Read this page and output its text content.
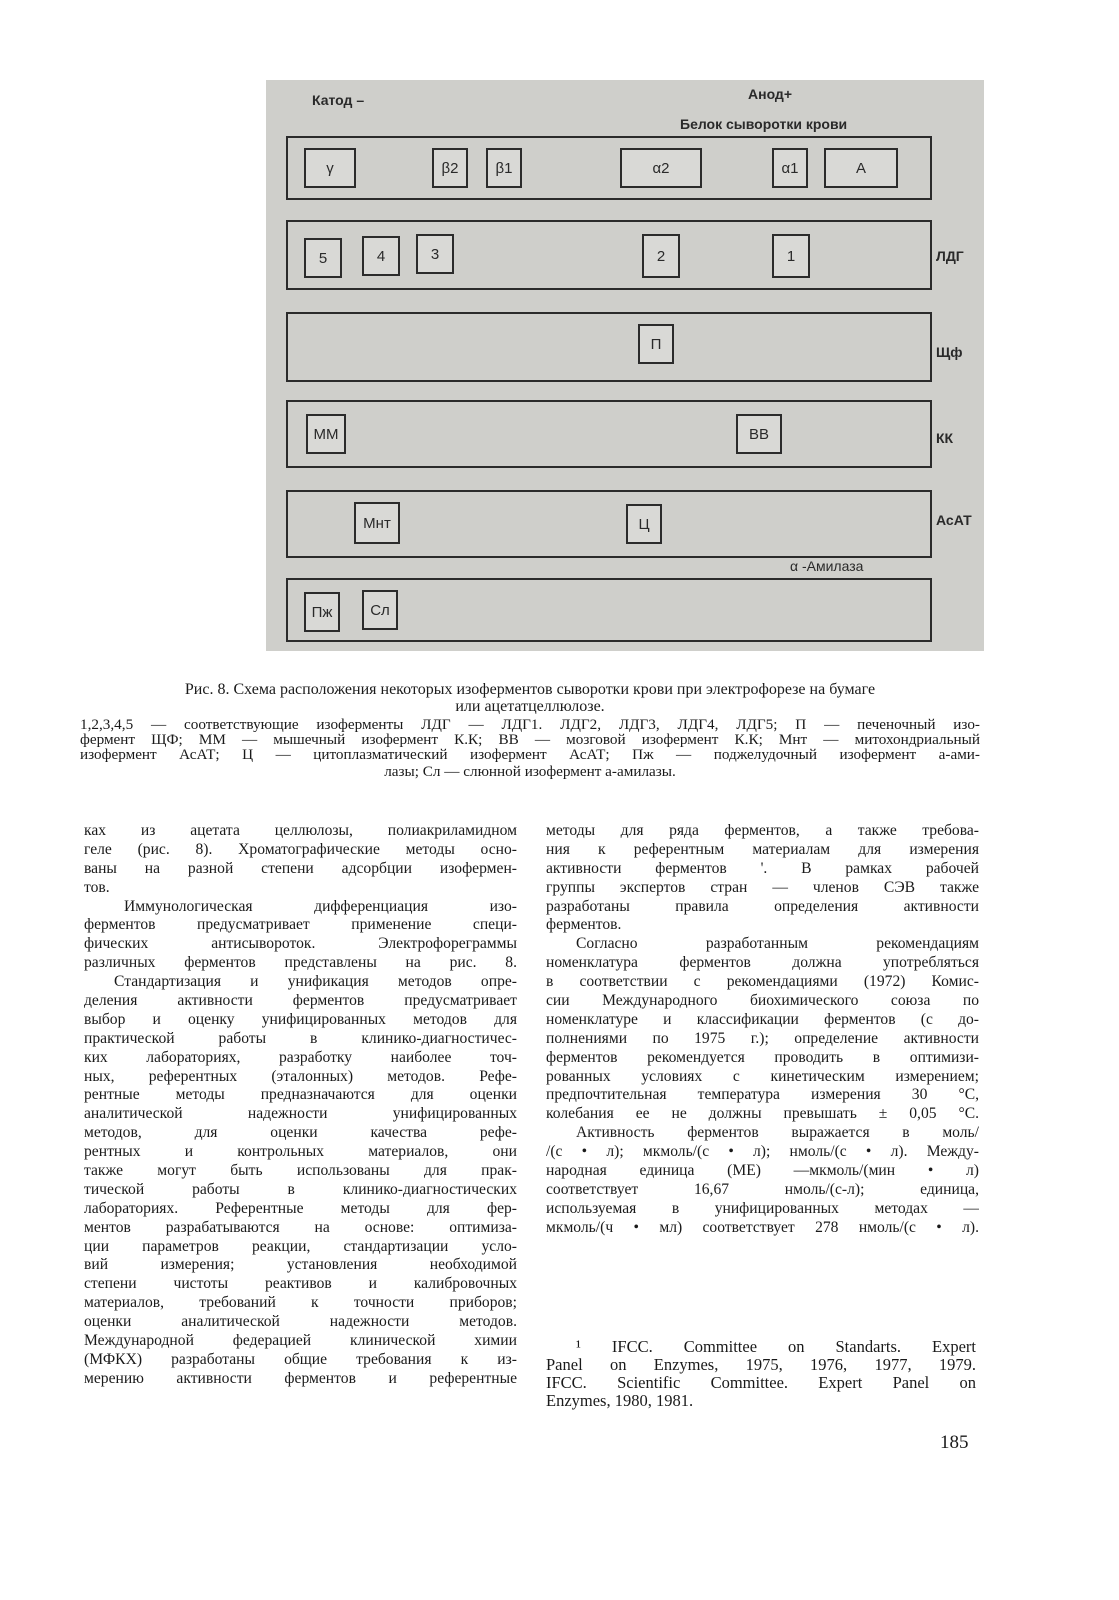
Катод –	Анод+
Белок сыворотки крови
γ	β2	β1	α2	α1	A
5	4	3	2	1	ЛДГ
П	Щф
ММ	ВВ	КК
Мнт	Ц	АсАТ
α -Амилаза
Пж	Сл
Рис. 8. Схема расположения некоторых изоферментов сыворотки крови при электрофорезе на бумаге
или ацетатцеллюлозе.
1,2,3,4,5 — соответствующие изоферменты ЛДГ — ЛДГ1. ЛДГ2, ЛДГ3, ЛДГ4, ЛДГ5; П — печеночный изо-
фермент ЩФ; ММ — мышечный изофермент К.К; ВВ — мозговой изофермент К.К; Мнт — митохондриальный
изофермент АсАТ; Ц — цитоплазматический изофермент АсАТ; Пж — поджелудочный изофермент а-ами-
лазы; Сл — слюнной изофермент а-амилазы.
ках из ацетата целлюлозы, полиакриламидном
геле (рис. 8). Хроматографические методы осно-
ваны на разной степени адсорбции изофермен-
тов.
Иммунологическая дифференциация изо-
ферментов предусматривает применение специ-
фических антисывороток. Электрофореграммы
различных ферментов представлены на рис. 8.
Стандартизация и унификация методов опре-
деления активности ферментов предусматривает
выбор и оценку унифицированных методов для
практической работы в клинико-диагностичес-
ких лабораториях, разработку наиболее точ-
ных, референтных (эталонных) методов. Рефе-
рентные методы предназначаются для оценки
аналитической надежности унифицированных
методов, для оценки качества рефе-
рентных и контрольных материалов, они
также могут быть использованы для прак-
тической работы в клинико-диагностических
лабораториях. Референтные методы для фер-
ментов разрабатываются на основе: оптимиза-
ции параметров реакции, стандартизации усло-
вий измерения; установления необходимой
степени чистоты реактивов и калибровочных
материалов, требований к точности приборов;
оценки аналитической надежности методов.
Международной федерацией клинической химии
(МФКХ) разработаны общие требования к из-
мерению активности ферментов и референтные
методы для ряда ферментов, а также требова-
ния к референтным материалам для измерения
активности ферментов '. В рамках рабочей
группы экспертов стран — членов СЭВ также
разработаны правила определения активности
ферментов.
Согласно разработанным рекомендациям
номенклатура ферментов должна употребляться
в соответствии с рекомендациями (1972) Комис-
сии Международного биохимического союза по
номенклатуре и классификации ферментов (с до-
полнениями по 1975 г.); определение активности
ферментов рекомендуется проводить в оптимизи-
рованных условиях с кинетическим измерением;
предпочтительная температура измерения 30 °С,
колебания ее не должны превышать ± 0,05 °С.
Активность ферментов выражается в моль/
/(с • л); мкмоль/(с • л); нмоль/(с • л). Между-
народная единица (МЕ) —мкмоль/(мин • л)
соответствует 16,67 нмоль/(с-л); единица,
используемая в унифицированных методах —
мкмоль/(ч • мл) соответствует 278 нмоль/(с • л).
¹ IFCC. Committee on Standarts. Expert
Panel on Enzymes, 1975, 1976, 1977, 1979.
IFCC. Scientific Committee. Expert Panel on
Enzymes, 1980, 1981.
185
